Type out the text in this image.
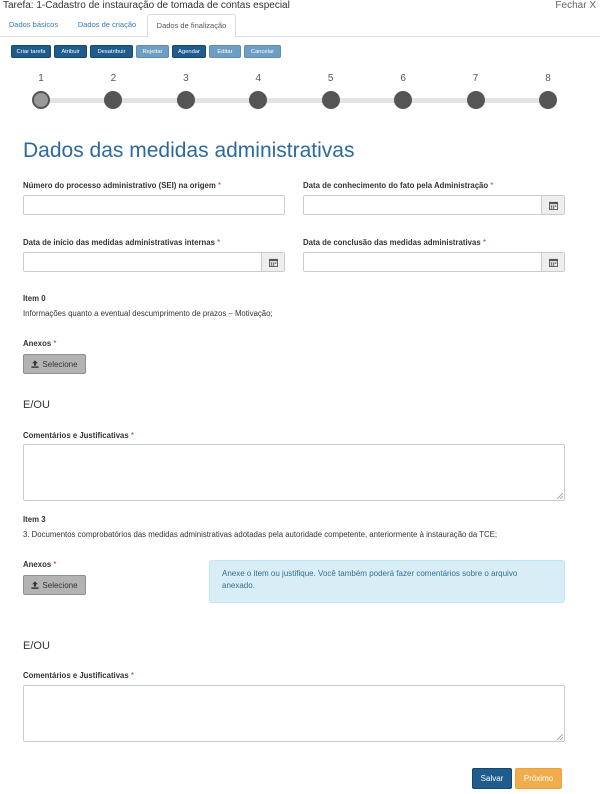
Tarefa: 1-Cadastro de instauração de tomada de contas especial	Fechar X
Dados básicos	Dados de criação	Dados de finalização
Criar tarefa	Atribuir	Desatribuir	Rejeitar	Agendar	Editar	Cancelar
1	2	3	4	5	6	7	8
Dados das medidas administrativas
Número do processo administrativo (SEI) na origem *	Data de conhecimento do fato pela Administração *
Data de início das medidas administrativas internas *	Data de conclusão das medidas administrativas *
Item 0
Informações quanto a eventual descumprimento de prazos – Motivação;
Anexos *
Selecione
E/OU
Comentários e Justificativas *
Item 3
3. Documentos comprobatórios das medidas administrativas adotadas pela autoridade competente, anteriormente à instauração da TCE;
Anexos *
Selecione
Anexe o item ou justifique. Você também poderá fazer comentários sobre o arquivo anexado.
E/OU
Comentários e Justificativas *
Salvar	Próximo
